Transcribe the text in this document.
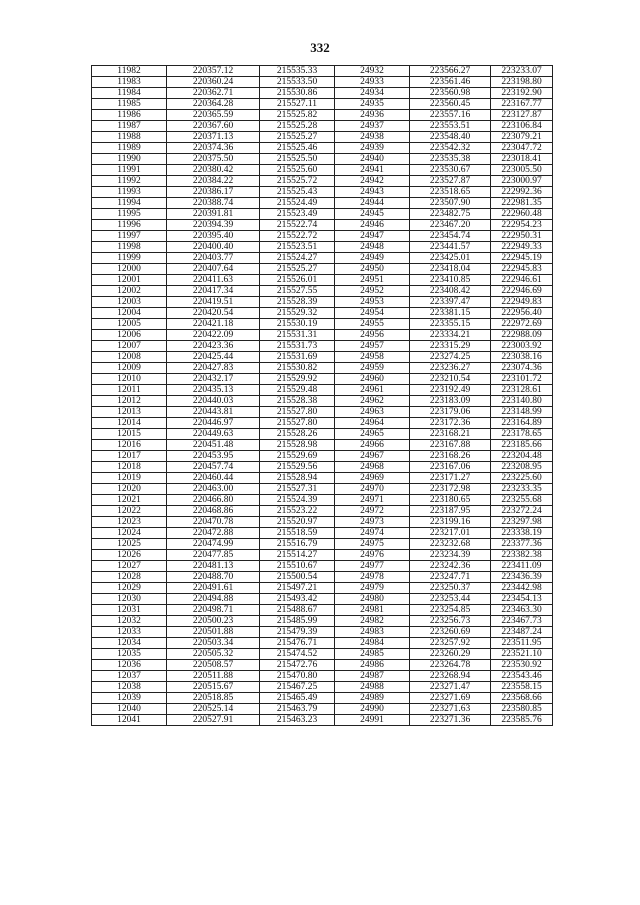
332
11982	220357.12	215535.33	24932	223566.27	223233.07
11983	220360.24	215533.50	24933	223561.46	223198.80
11984	220362.71	215530.86	24934	223560.98	223192.90
11985	220364.28	215527.11	24935	223560.45	223167.77
11986	220365.59	215525.82	24936	223557.16	223127.87
11987	220367.60	215525.28	24937	223553.51	223106.84
11988	220371.13	215525.27	24938	223548.40	223079.21
11989	220374.36	215525.46	24939	223542.32	223047.72
11990	220375.50	215525.50	24940	223535.38	223018.41
11991	220380.42	215525.60	24941	223530.67	223005.50
11992	220384.22	215525.72	24942	223527.87	223000.97
11993	220386.17	215525.43	24943	223518.65	222992.36
11994	220388.74	215524.49	24944	223507.90	222981.35
11995	220391.81	215523.49	24945	223482.75	222960.48
11996	220394.39	215522.74	24946	223467.20	222954.23
11997	220395.40	215522.72	24947	223454.74	222950.31
11998	220400.40	215523.51	24948	223441.57	222949.33
11999	220403.77	215524.27	24949	223425.01	222945.19
12000	220407.64	215525.27	24950	223418.04	222945.83
12001	220411.63	215526.01	24951	223410.85	222946.61
12002	220417.34	215527.55	24952	223408.42	222946.69
12003	220419.51	215528.39	24953	223397.47	222949.83
12004	220420.54	215529.32	24954	223381.15	222956.40
12005	220421.18	215530.19	24955	223355.15	222972.69
12006	220422.09	215531.31	24956	223334.21	222988.09
12007	220423.36	215531.73	24957	223315.29	223003.92
12008	220425.44	215531.69	24958	223274.25	223038.16
12009	220427.83	215530.82	24959	223236.27	223074.36
12010	220432.17	215529.92	24960	223210.54	223101.72
12011	220435.13	215529.48	24961	223192.49	223128.61
12012	220440.03	215528.38	24962	223183.09	223140.80
12013	220443.81	215527.80	24963	223179.06	223148.99
12014	220446.97	215527.80	24964	223172.36	223164.89
12015	220449.63	215528.26	24965	223168.21	223178.65
12016	220451.48	215528.98	24966	223167.88	223185.66
12017	220453.95	215529.69	24967	223168.26	223204.48
12018	220457.74	215529.56	24968	223167.06	223208.95
12019	220460.44	215528.94	24969	223171.27	223225.60
12020	220463.00	215527.31	24970	223172.98	223233.35
12021	220466.80	215524.39	24971	223180.65	223255.68
12022	220468.86	215523.22	24972	223187.95	223272.24
12023	220470.78	215520.97	24973	223199.16	223297.98
12024	220472.88	215518.59	24974	223217.01	223338.19
12025	220474.99	215516.79	24975	223232.68	223377.36
12026	220477.85	215514.27	24976	223234.39	223382.38
12027	220481.13	215510.67	24977	223242.36	223411.09
12028	220488.70	215500.54	24978	223247.71	223436.39
12029	220491.61	215497.21	24979	223250.37	223442.98
12030	220494.88	215493.42	24980	223253.44	223454.13
12031	220498.71	215488.67	24981	223254.85	223463.30
12032	220500.23	215485.99	24982	223256.73	223467.73
12033	220501.88	215479.39	24983	223260.69	223487.24
12034	220503.34	215476.71	24984	223257.92	223511.95
12035	220505.32	215474.52	24985	223260.29	223521.10
12036	220508.57	215472.76	24986	223264.78	223530.92
12037	220511.88	215470.80	24987	223268.94	223543.46
12038	220515.67	215467.25	24988	223271.47	223558.15
12039	220518.85	215465.49	24989	223271.69	223568.66
12040	220525.14	215463.79	24990	223271.63	223580.85
12041	220527.91	215463.23	24991	223271.36	223585.76
